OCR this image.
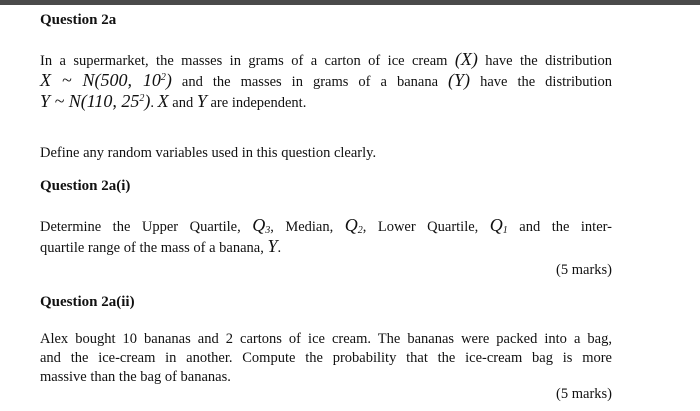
Question 2a
In a supermarket, the masses in grams of a carton of ice cream (X) have the distribution
X ~ N(500, $10^2$) and the masses in grams of a banana (Y) have the distribution
Y ~ N(110, $25^2$). X and Y are independent.
Define any random variables used in this question clearly.
Question 2a(i)
Determine the Upper Quartile, $Q_3$, Median, $Q_2$, Lower Quartile, $Q_1$ and the inter-
quartile range of the mass of a banana, Y.
(5 marks)
Question 2a(ii)
Alex bought 10 bananas and 2 cartons of ice cream. The bananas were packed into a bag,
and the ice-cream in another. Compute the probability that the ice-cream bag is more
massive than the bag of bananas.
(5 marks)
